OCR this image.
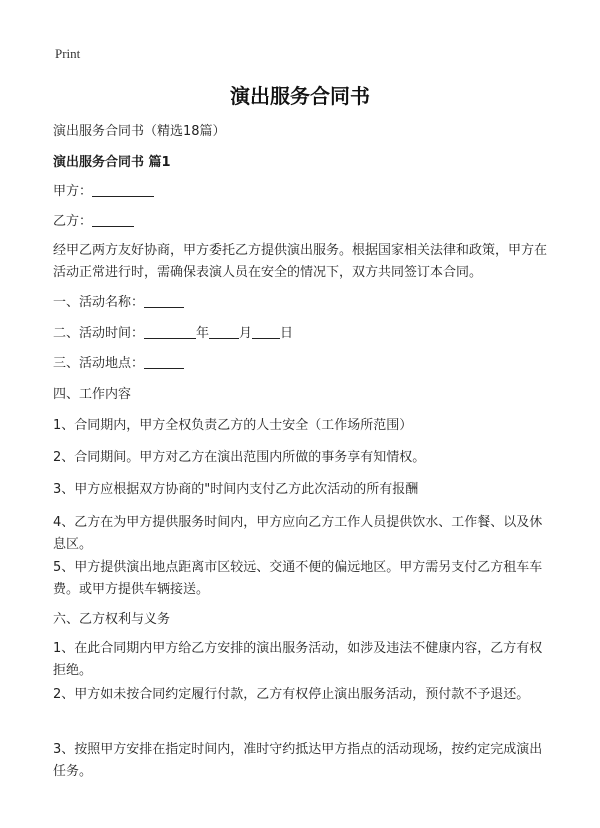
Print
演出服务合同书
演出服务合同书（精选18篇）
演出服务合同书 篇1
甲方：
乙方：
经甲乙两方友好协商，甲方委托乙方提供演出服务。根据国家相关法律和政策，甲方在活动正常进行时，需确保表演人员在安全的情况下，双方共同签订本合同。
一、活动名称：
二、活动时间：	年 月 日
三、活动地点：
四、工作内容
1、合同期内，甲方全权负责乙方的人士安全（工作场所范围）
2、合同期间。甲方对乙方在演出范围内所做的事务享有知情权。
3、甲方应根据双方协商的"时间内支付乙方此次活动的所有报酬
4、乙方在为甲方提供服务时间内，甲方应向乙方工作人员提供饮水、工作餐、以及休息区。
5、甲方提供演出地点距离市区较远、交通不便的偏远地区。甲方需另支付乙方租车车费。或甲方提供车辆接送。
六、乙方权利与义务
1、在此合同期内甲方给乙方安排的演出服务活动，如涉及违法不健康内容，乙方有权拒绝。
2、甲方如未按合同约定履行付款，乙方有权停止演出服务活动，预付款不予退还。
3、按照甲方安排在指定时间内，准时守约抵达甲方指点的活动现场，按约定完成演出任务。
